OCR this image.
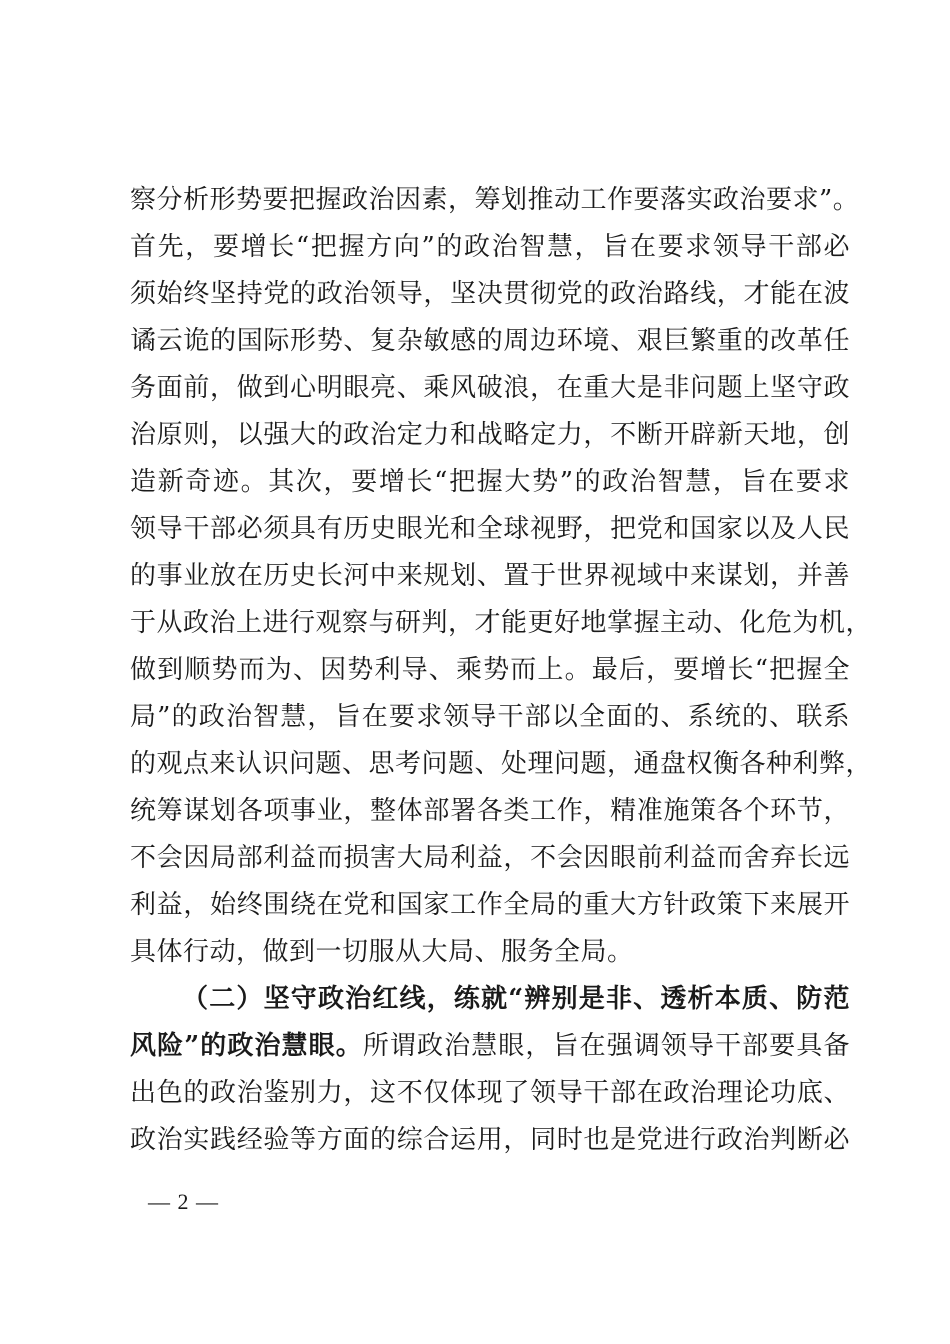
察分析形势要把握政治因素，筹划推动工作要落实政治要求”。
首先，要增长“把握方向”的政治智慧，旨在要求领导干部必
须始终坚持党的政治领导，坚决贯彻党的政治路线，才能在波
谲云诡的国际形势、复杂敏感的周边环境、艰巨繁重的改革任
务面前，做到心明眼亮、乘风破浪，在重大是非问题上坚守政
治原则，以强大的政治定力和战略定力，不断开辟新天地，创
造新奇迹。其次，要增长“把握大势”的政治智慧，旨在要求
领导干部必须具有历史眼光和全球视野，把党和国家以及人民
的事业放在历史长河中来规划、置于世界视域中来谋划，并善
于从政治上进行观察与研判，才能更好地掌握主动、化危为机，
做到顺势而为、因势利导、乘势而上。最后，要增长“把握全
局”的政治智慧，旨在要求领导干部以全面的、系统的、联系
的观点来认识问题、思考问题、处理问题，通盘权衡各种利弊，
统筹谋划各项事业，整体部署各类工作，精准施策各个环节，
不会因局部利益而损害大局利益，不会因眼前利益而舍弃长远
利益，始终围绕在党和国家工作全局的重大方针政策下来展开
具体行动，做到一切服从大局、服务全局。
（二）坚守政治红线，练就“辨别是非、透析本质、防范
风险”的政治慧眼。所谓政治慧眼，旨在强调领导干部要具备
出色的政治鉴别力，这不仅体现了领导干部在政治理论功底、
政治实践经验等方面的综合运用，同时也是党进行政治判断必
— 2 —
